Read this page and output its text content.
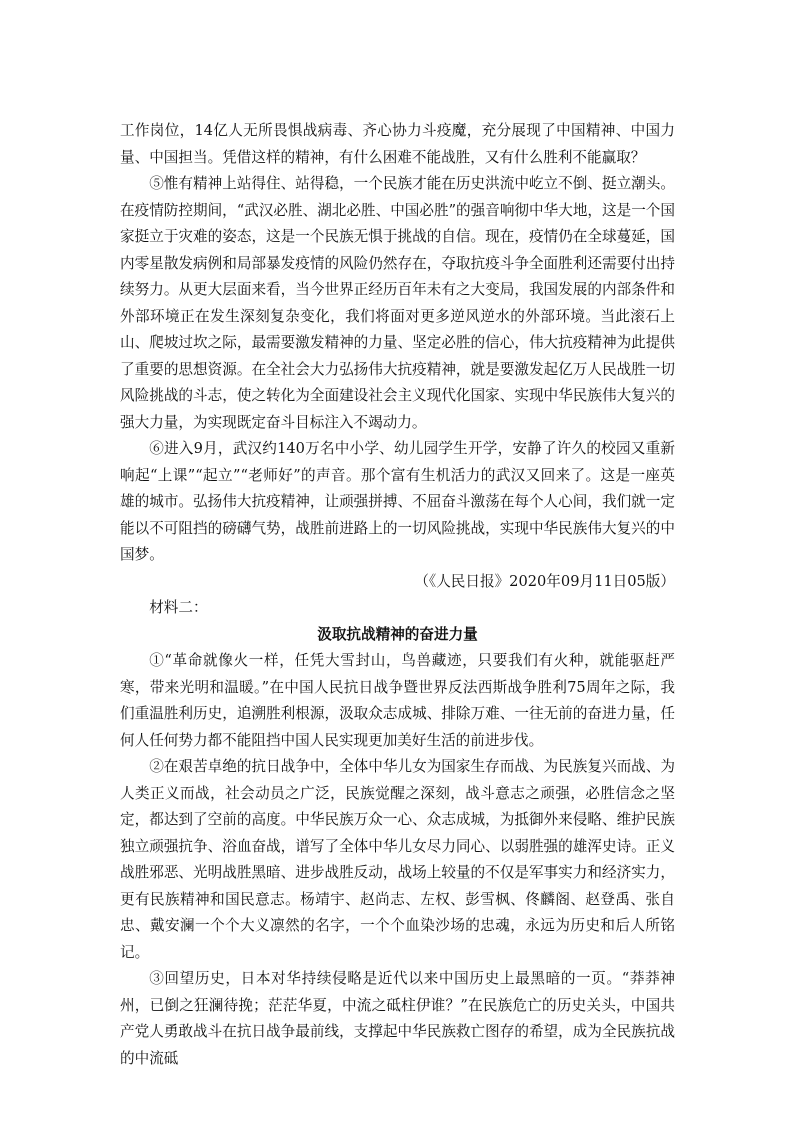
工作岗位，14亿人无所畏惧战病毒、齐心协力斗疫魔，充分展现了中国精神、中国力量、中国担当。凭借这样的精神，有什么困难不能战胜，又有什么胜利不能赢取？

⑤惟有精神上站得住、站得稳，一个民族才能在历史洪流中屹立不倒、挺立潮头。在疫情防控期间，“武汉必胜、湖北必胜、中国必胜”的强音响彻中华大地，这是一个国家挺立于灾难的姿态，这是一个民族无惧于挑战的自信。现在，疫情仍在全球蔓延，国内零星散发病例和局部暴发疫情的风险仍然存在，夺取抗疫斗争全面胜利还需要付出持续努力。从更大层面来看，当今世界正经历百年未有之大变局，我国发展的内部条件和外部环境正在发生深刻复杂变化，我们将面对更多逆风逆水的外部环境。当此滚石上山、爬坡过坎之际，最需要激发精神的力量、坚定必胜的信心，伟大抗疫精神为此提供了重要的思想资源。在全社会大力弘扬伟大抗疫精神，就是要激发起亿万人民战胜一切风险挑战的斗志，使之转化为全面建设社会主义现代化国家、实现中华民族伟大复兴的强大力量，为实现既定奋斗目标注入不竭动力。

⑥进入9月，武汉约140万名中小学、幼儿园学生开学，安静了许久的校园又重新响起“上课”“起立”“老师好”的声音。那个富有生机活力的武汉又回来了。这是一座英雄的城市。弘扬伟大抗疫精神，让顽强拼搏、不屈奋斗激荡在每个人心间，我们就一定能以不可阻挡的磅礴气势，战胜前进路上的一切风险挑战，实现中华民族伟大复兴的中国梦。

（《人民日报》2020年09月11日05版）

材料二：

汲取抗战精神的奋进力量

①“革命就像火一样，任凭大雪封山，鸟兽藏迹，只要我们有火种，就能驱赶严寒，带来光明和温暖。”在中国人民抗日战争暨世界反法西斯战争胜利75周年之际，我们重温胜利历史，追溯胜利根源，汲取众志成城、排除万难、一往无前的奋进力量，任何人任何势力都不能阻挡中国人民实现更加美好生活的前进步伐。

②在艰苦卓绝的抗日战争中，全体中华儿女为国家生存而战、为民族复兴而战、为人类正义而战，社会动员之广泛，民族觉醒之深刻，战斗意志之顽强，必胜信念之坚定，都达到了空前的高度。中华民族万众一心、众志成城，为抵御外来侵略、维护民族独立顽强抗争、浴血奋战，谱写了全体中华儿女尽力同心、以弱胜强的雄浑史诗。正义战胜邪恶、光明战胜黑暗、进步战胜反动，战场上较量的不仅是军事实力和经济实力，更有民族精神和国民意志。杨靖宇、赵尚志、左权、彭雪枫、佟麟阁、赵登禹、张自忠、戴安澜一个个大义凛然的名字，一个个血染沙场的忠魂，永远为历史和后人所铭记。

③回望历史，日本对华持续侵略是近代以来中国历史上最黑暗的一页。“莽莽神州，已倒之狂澜待挽；茫茫华夏，中流之砥柱伊谁？”在民族危亡的历史关头，中国共产党人勇敢战斗在抗日战争最前线，支撑起中华民族救亡图存的希望，成为全民族抗战的中流砥
